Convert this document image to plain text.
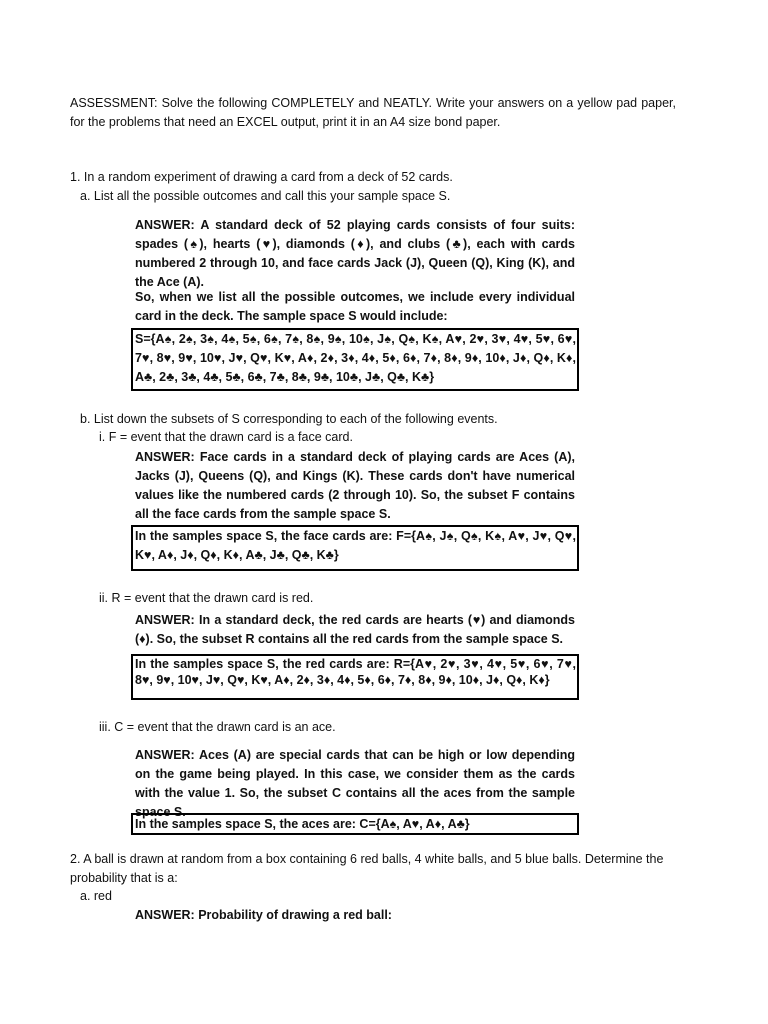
ASSESSMENT: Solve the following COMPLETELY and NEATLY. Write your answers on a yellow pad paper, for the problems that need an EXCEL output, print it in an A4 size bond paper.

1. In a random experiment of drawing a card from a deck of 52 cards.

a. List all the possible outcomes and call this your sample space S.

ANSWER: A standard deck of 52 playing cards consists of four suits: spades (♠), hearts (♥), diamonds (♦), and clubs (♣), each with cards numbered 2 through 10, and face cards Jack (J), Queen (Q), King (K), and the Ace (A).

So, when we list all the possible outcomes, we include every individual card in the deck. The sample space S would include:

S={A♠, 2♠, 3♠, 4♠, 5♠, 6♠, 7♠, 8♠, 9♠, 10♠, J♠, Q♠, K♠, A♥, 2♥, 3♥, 4♥, 5♥, 6♥, 7♥, 8♥, 9♥, 10♥, J♥, Q♥, K♥, A♦, 2♦, 3♦, 4♦, 5♦, 6♦, 7♦, 8♦, 9♦, 10♦, J♦, Q♦, K♦, A♣, 2♣, 3♣, 4♣, 5♣, 6♣, 7♣, 8♣, 9♣, 10♣, J♣, Q♣, K♣}

b. List down the subsets of S corresponding to each of the following events.

i. F = event that the drawn card is a face card.

ANSWER: Face cards in a standard deck of playing cards are Aces (A), Jacks (J), Queens (Q), and Kings (K). These cards don't have numerical values like the numbered cards (2 through 10). So, the subset F contains all the face cards from the sample space S.

In the samples space S, the face cards are: F={A♠, J♠, Q♠, K♠, A♥, J♥, Q♥, K♥, A♦, J♦, Q♦, K♦, A♣, J♣, Q♣, K♣}

ii. R = event that the drawn card is red.

ANSWER: In a standard deck, the red cards are hearts (♥) and diamonds (♦). So, the subset R contains all the red cards from the sample space S.

In the samples space S, the red cards are: R={A♥, 2♥, 3♥, 4♥, 5♥, 6♥, 7♥, 8♥, 9♥, 10♥, J♥, Q♥, K♥, A♦, 2♦, 3♦, 4♦, 5♦, 6♦, 7♦, 8♦, 9♦, 10♦, J♦, Q♦, K♦}

iii. C = event that the drawn card is an ace.

ANSWER: Aces (A) are special cards that can be high or low depending on the game being played. In this case, we consider them as the cards with the value 1. So, the subset C contains all the aces from the sample space S.

In the samples space S, the aces are: C={A♠, A♥, A♦, A♣}

2. A ball is drawn at random from a box containing 6 red balls, 4 white balls, and 5 blue balls. Determine the probability that is a:

a. red

ANSWER: Probability of drawing a red ball:
